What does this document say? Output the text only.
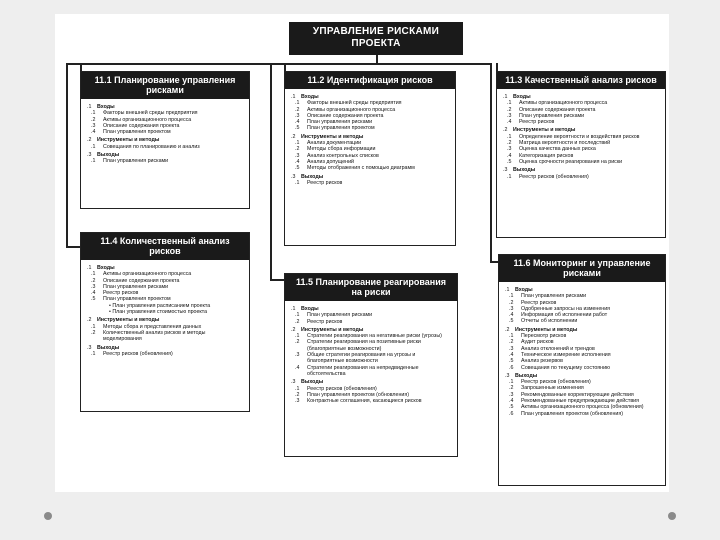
УПРАВЛЕНИЕ РИСКАМИ
ПРОЕКТА
11.1 Планирование управления рисками
.1	Входы
.1	Факторы внешней среды предприятия
.2	Активы организационного процесса
.3	Описание содержания проекта
.4	План управления проектом
.2	Инструменты и методы
.1	Совещания по планированию и анализ
.3	Выходы
.1	План управления рисками
11.2 Идентификация рисков
.1	Входы
.1	Факторы внешней среды предприятия
.2	Активы организационного процесса
.3	Описание содержания проекта
.4	План управления рисками
.5	План управления проектом
.2	Инструменты и методы
.1	Анализ документации
.2	Методы сбора информации
.3	Анализ контрольных списков
.4	Анализ допущений
.5	Методы отображения с помощью диаграмм
.3	Выходы
.1	Реестр рисков
11.3 Качественный анализ рисков
.1	Входы
.1	Активы организационного процесса
.2	Описание содержания проекта
.3	План управления рисками
.4	Реестр рисков
.2	Инструменты и методы
.1	Определение вероятности и воздействия рисков
.2	Матрица вероятности и последствий
.3	Оценка качества данных риска
.4	Категоризация рисков
.5	Оценка срочности реагирования на риски
.3	Выходы
.1	Реестр рисков (обновления)
11.4 Количественный анализ рисков
.1	Входы
.1	Активы организационного процесса
.2	Описание содержания проекта
.3	План управления рисками
.4	Реестр рисков
.5	План управления проектом
• План управления расписанием проекта
• План управления стоимостью проекта
.2	Инструменты и методы
.1	Методы сбора и представления данных
.2	Количественный анализ рисков и методы моделирования
.3	Выходы
.1	Реестр рисков (обновления)
11.5 Планирование реагирования на риски
.1	Входы
.1	План управления рисками
.2	Реестр рисков
.2	Инструменты и методы
.1	Стратегии реагирования на негативные риски (угрозы)
.2	Стратегии реагирования на позитивные риски (благоприятные возможности)
.3	Общие стратегии реагирования на угрозы и благоприятные возможности
.4	Стратегии реагирования на непредвиденные обстоятельства
.3	Выходы
.1	Реестр рисков (обновления)
.2	План управления проектом (обновления)
.3	Контрактные соглашения, касающиеся рисков
11.6 Мониторинг и управление рисками
.1	Входы
.1	План управления рисками
.2	Реестр рисков
.3	Одобренные запросы на изменения
.4	Информация об исполнении работ
.5	Отчеты об исполнении
.2	Инструменты и методы
.1	Пересмотр рисков
.2	Аудит рисков
.3	Анализ отклонений и трендов
.4	Техническое измерение исполнения
.5	Анализ резервов
.6	Совещания по текущему состоянию
.3	Выходы
.1	Реестр рисков (обновления)
.2	Запрошенные изменения
.3	Рекомендованные корректирующие действия
.4	Рекомендованные предупреждающие действия
.5	Активы организационного процесса (обновления)
.6	План управления проектом (обновления)
